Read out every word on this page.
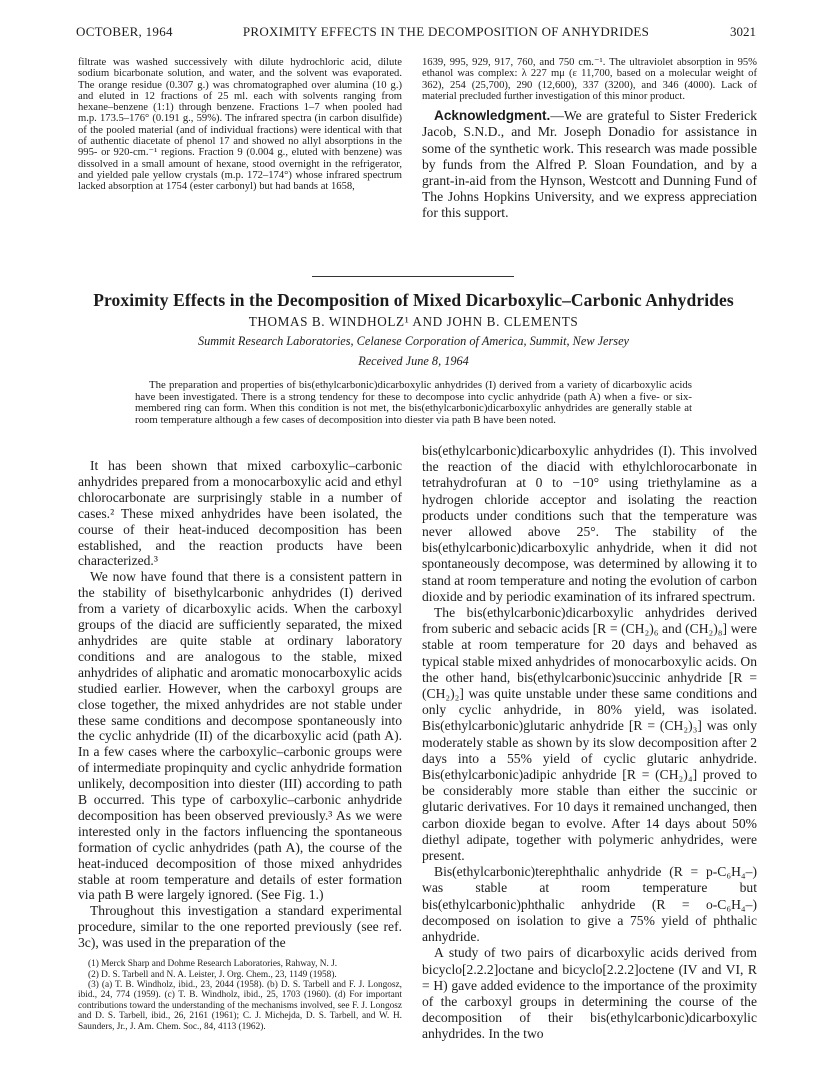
OCTOBER, 1964	PROXIMITY EFFECTS IN THE DECOMPOSITION OF ANHYDRIDES	3021

filtrate was washed successively with dilute hydrochloric acid, dilute sodium bicarbonate solution, and water, and the solvent was evaporated. The orange residue (0.307 g.) was chromatographed over alumina (10 g.) and eluted in 12 fractions of 25 ml. each with solvents ranging from hexane–benzene (1:1) through benzene. Fractions 1–7 when pooled had m.p. 173.5–176° (0.191 g., 59%). The infrared spectra (in carbon disulfide) of the pooled material (and of individual fractions) were identical with that of authentic diacetate of phenol 17 and showed no allyl absorptions in the 995- or 920-cm.⁻¹ regions. Fraction 9 (0.004 g., eluted with benzene) was dissolved in a small amount of hexane, stood overnight in the refrigerator, and yielded pale yellow crystals (m.p. 172–174°) whose infrared spectrum lacked absorption at 1754 (ester carbonyl) but had bands at 1658,

1639, 995, 929, 917, 760, and 750 cm.⁻¹. The ultraviolet absorption in 95% ethanol was complex: λ 227 mμ (ε 11,700, based on a molecular weight of 362), 254 (25,700), 290 (12,600), 337 (3200), and 346 (4000). Lack of material precluded further investigation of this minor product.

Acknowledgment.—We are grateful to Sister Frederick Jacob, S.N.D., and Mr. Joseph Donadio for assistance in some of the synthetic work. This research was made possible by funds from the Alfred P. Sloan Foundation, and by a grant-in-aid from the Hynson, Westcott and Dunning Fund of The Johns Hopkins University, and we express appreciation for this support.

Proximity Effects in the Decomposition of Mixed Dicarboxylic–Carbonic Anhydrides
THOMAS B. WINDHOLZ¹ AND JOHN B. CLEMENTS
Summit Research Laboratories, Celanese Corporation of America, Summit, New Jersey
Received June 8, 1964

The preparation and properties of bis(ethylcarbonic)dicarboxylic anhydrides (I) derived from a variety of dicarboxylic acids have been investigated. There is a strong tendency for these to decompose into cyclic anhydride (path A) when a five- or six-membered ring can form. When this condition is not met, the bis(ethylcarbonic)dicarboxylic anhydrides are generally stable at room temperature although a few cases of decomposition into diester via path B have been noted.

It has been shown that mixed carboxylic–carbonic anhydrides prepared from a monocarboxylic acid and ethyl chlorocarbonate are surprisingly stable in a number of cases.² These mixed anhydrides have been isolated, the course of their heat-induced decomposition has been established, and the reaction products have been characterized.³

We now have found that there is a consistent pattern in the stability of bisethylcarbonic anhydrides (I) derived from a variety of dicarboxylic acids. When the carboxyl groups of the diacid are sufficiently separated, the mixed anhydrides are quite stable at ordinary laboratory conditions and are analogous to the stable, mixed anhydrides of aliphatic and aromatic monocarboxylic acids studied earlier. However, when the carboxyl groups are close together, the mixed anhydrides are not stable under these same conditions and decompose spontaneously into the cyclic anhydride (II) of the dicarboxylic acid (path A). In a few cases where the carboxylic–carbonic groups were of intermediate propinquity and cyclic anhydride formation unlikely, decomposition into diester (III) according to path B occurred. This type of carboxylic–carbonic anhydride decomposition has been observed previously.³ As we were interested only in the factors influencing the spontaneous formation of cyclic anhydrides (path A), the course of the heat-induced decomposition of those mixed anhydrides stable at room temperature and details of ester formation via path B were largely ignored. (See Fig. 1.)

Throughout this investigation a standard experimental procedure, similar to the one reported previously (see ref. 3c), was used in the preparation of the

(1) Merck Sharp and Dohme Research Laboratories, Rahway, N. J.

(2) D. S. Tarbell and N. A. Leister, J. Org. Chem., 23, 1149 (1958).

(3) (a) T. B. Windholz, ibid., 23, 2044 (1958). (b) D. S. Tarbell and F. J. Longosz, ibid., 24, 774 (1959). (c) T. B. Windholz, ibid., 25, 1703 (1960). (d) For important contributions toward the understanding of the mechanisms involved, see F. J. Longosz and D. S. Tarbell, ibid., 26, 2161 (1961); C. J. Michejda, D. S. Tarbell, and W. H. Saunders, Jr., J. Am. Chem. Soc., 84, 4113 (1962).

bis(ethylcarbonic)dicarboxylic anhydrides (I). This involved the reaction of the diacid with ethylchlorocarbonate in tetrahydrofuran at 0 to −10° using triethylamine as a hydrogen chloride acceptor and isolating the reaction products under conditions such that the temperature was never allowed above 25°. The stability of the bis(ethylcarbonic)dicarboxylic anhydride, when it did not spontaneously decompose, was determined by allowing it to stand at room temperature and noting the evolution of carbon dioxide and by periodic examination of its infrared spectrum.

The bis(ethylcarbonic)dicarboxylic anhydrides derived from suberic and sebacic acids [R = (CH₂)₆ and (CH₂)₈] were stable at room temperature for 20 days and behaved as typical stable mixed anhydrides of monocarboxylic acids. On the other hand, bis(ethylcarbonic)succinic anhydride [R = (CH₂)₂] was quite unstable under these same conditions and only cyclic anhydride, in 80% yield, was isolated. Bis(ethylcarbonic)glutaric anhydride [R = (CH₂)₃] was only moderately stable as shown by its slow decomposition after 2 days into a 55% yield of cyclic glutaric anhydride. Bis(ethylcarbonic)adipic anhydride [R = (CH₂)₄] proved to be considerably more stable than either the succinic or glutaric derivatives. For 10 days it remained unchanged, then carbon dioxide began to evolve. After 14 days about 50% diethyl adipate, together with polymeric anhydrides, were present.

Bis(ethylcarbonic)terephthalic anhydride (R = p-C₆H₄–) was stable at room temperature but bis(ethylcarbonic)phthalic anhydride (R = o-C₆H₄–) decomposed on isolation to give a 75% yield of phthalic anhydride.

A study of two pairs of dicarboxylic acids derived from bicyclo[2.2.2]octane and bicyclo[2.2.2]octene (IV and VI, R = H) gave added evidence to the importance of the proximity of the carboxyl groups in determining the course of the decomposition of their bis(ethylcarbonic)dicarboxylic anhydrides. In the two
